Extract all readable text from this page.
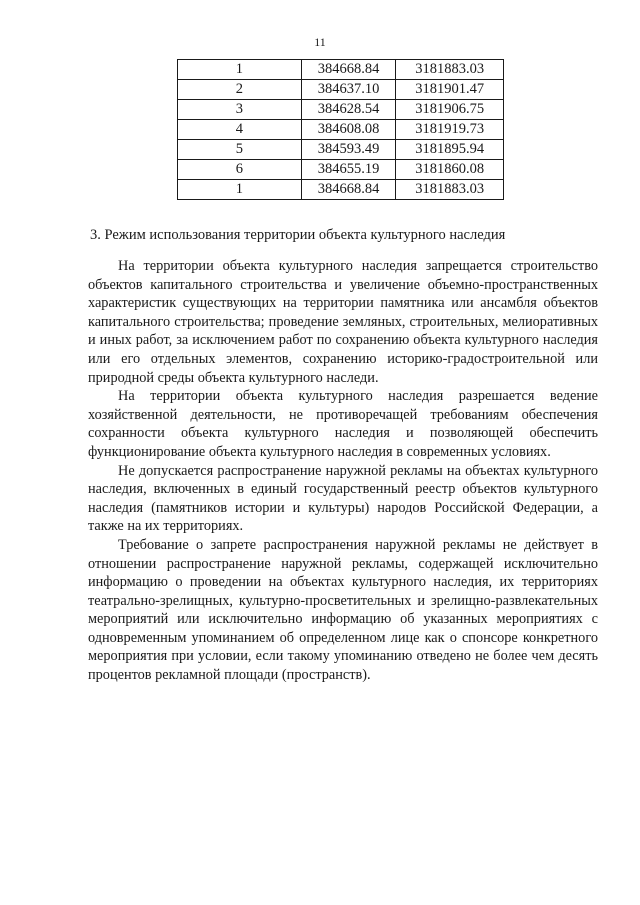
11
1	384668.84	3181883.03
2	384637.10	3181901.47
3	384628.54	3181906.75
4	384608.08	3181919.73
5	384593.49	3181895.94
6	384655.19	3181860.08
1	384668.84	3181883.03
3. Режим использования территории объекта культурного наследия

На территории объекта культурного наследия запрещается строительство объектов капитального строительства и увеличение объемно-пространственных характеристик существующих на территории памятника или ансамбля объектов капитального строительства; проведение земляных, строительных, мелиоративных и иных работ, за исключением работ по сохранению объекта культурного наследия или его отдельных элементов, сохранению историко-градостроительной или природной среды объекта культурного наследи.

На территории объекта культурного наследия разрешается ведение хозяйственной деятельности, не противоречащей требованиям обеспечения сохранности объекта культурного наследия и позволяющей обеспечить функционирование объекта культурного наследия в современных условиях.

Не допускается распространение наружной рекламы на объектах культурного наследия, включенных в единый государственный реестр объектов культурного наследия (памятников истории и культуры) народов Российской Федерации, а также на их территориях.

Требование о запрете распространения наружной рекламы не действует в отношении распространение наружной рекламы, содержащей исключительно информацию о проведении на объектах культурного наследия, их территориях театрально-зрелищных, культурно-просветительных и зрелищно-развлекательных мероприятий или исключительно информацию об указанных мероприятиях с одновременным упоминанием об определенном лице как о спонсоре конкретного мероприятия при условии, если такому упоминанию отведено не более чем десять процентов рекламной площади (пространств).
